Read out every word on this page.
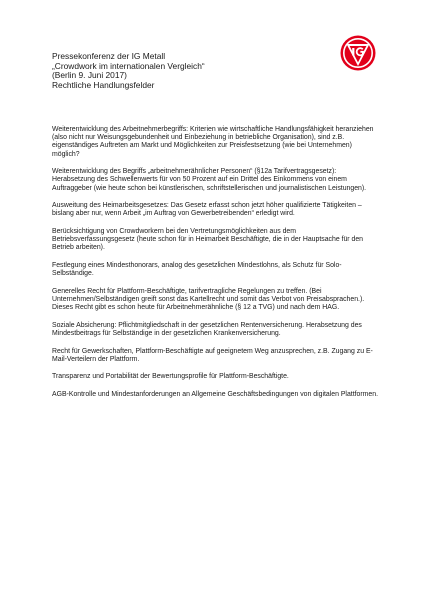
Pressekonferenz der IG Metall
„Crowdwork im internationalen Vergleich“
(Berlin 9. Juni 2017)
Rechtliche Handlungsfelder

Weiterentwicklung des Arbeitnehmerbegriffs: Kriterien wie wirtschaftliche Handlungsfähigkeit heranziehen (also nicht nur Weisungsgebundenheit und Einbeziehung in betriebliche Organisation), sind z.B. eigenständiges Auftreten am Markt und Möglichkeiten zur Preisfestsetzung (wie bei Unternehmen) möglich?

Weiterentwicklung des Begriffs „arbeitnehmerähnlicher Personen“ (§12a Tarifvertragsgesetz): Herabsetzung des Schwellenwerts für von 50 Prozent auf ein Drittel des Einkommens von einem Auftraggeber (wie heute schon bei künstlerischen, schriftstellerischen und journalistischen Leistungen).

Ausweitung des Heimarbeitsgesetzes: Das Gesetz erfasst schon jetzt höher qualifizierte Tätigkeiten – bislang aber nur, wenn Arbeit „im Auftrag von Gewerbetreibenden“ erledigt wird.

Berücksichtigung von Crowdworkern bei den Vertretungsmöglichkeiten aus dem Betriebsverfassungsgesetz (heute schon für in Heimarbeit Beschäftigte, die in der Hauptsache für den Betrieb arbeiten).

Festlegung eines Mindesthonorars, analog des gesetzlichen Mindestlohns, als Schutz für Solo-Selbständige.

Generelles Recht für Plattform-Beschäftigte, tarifvertragliche Regelungen zu treffen. (Bei Unternehmen/Selbständigen greift sonst das Kartellrecht und somit das Verbot von Preisabsprachen.). Dieses Recht gibt es schon heute für Arbeitnehmerähnliche (§ 12 a TVG) und nach dem HAG.

Soziale Absicherung: Pflichtmitgliedschaft in der gesetzlichen Rentenversicherung. Herabsetzung des Mindestbeitrags für Selbständige in der gesetzlichen Krankenversicherung.

Recht für Gewerkschaften, Plattform-Beschäftigte auf geeignetem Weg anzusprechen, z.B. Zugang zu E-Mail-Verteilern der Plattform.

Transparenz und Portabilität der Bewertungsprofile für Plattform-Beschäftigte.

AGB-Kontrolle und Mindestanforderungen an Allgemeine Geschäftsbedingungen von digitalen Plattformen.
